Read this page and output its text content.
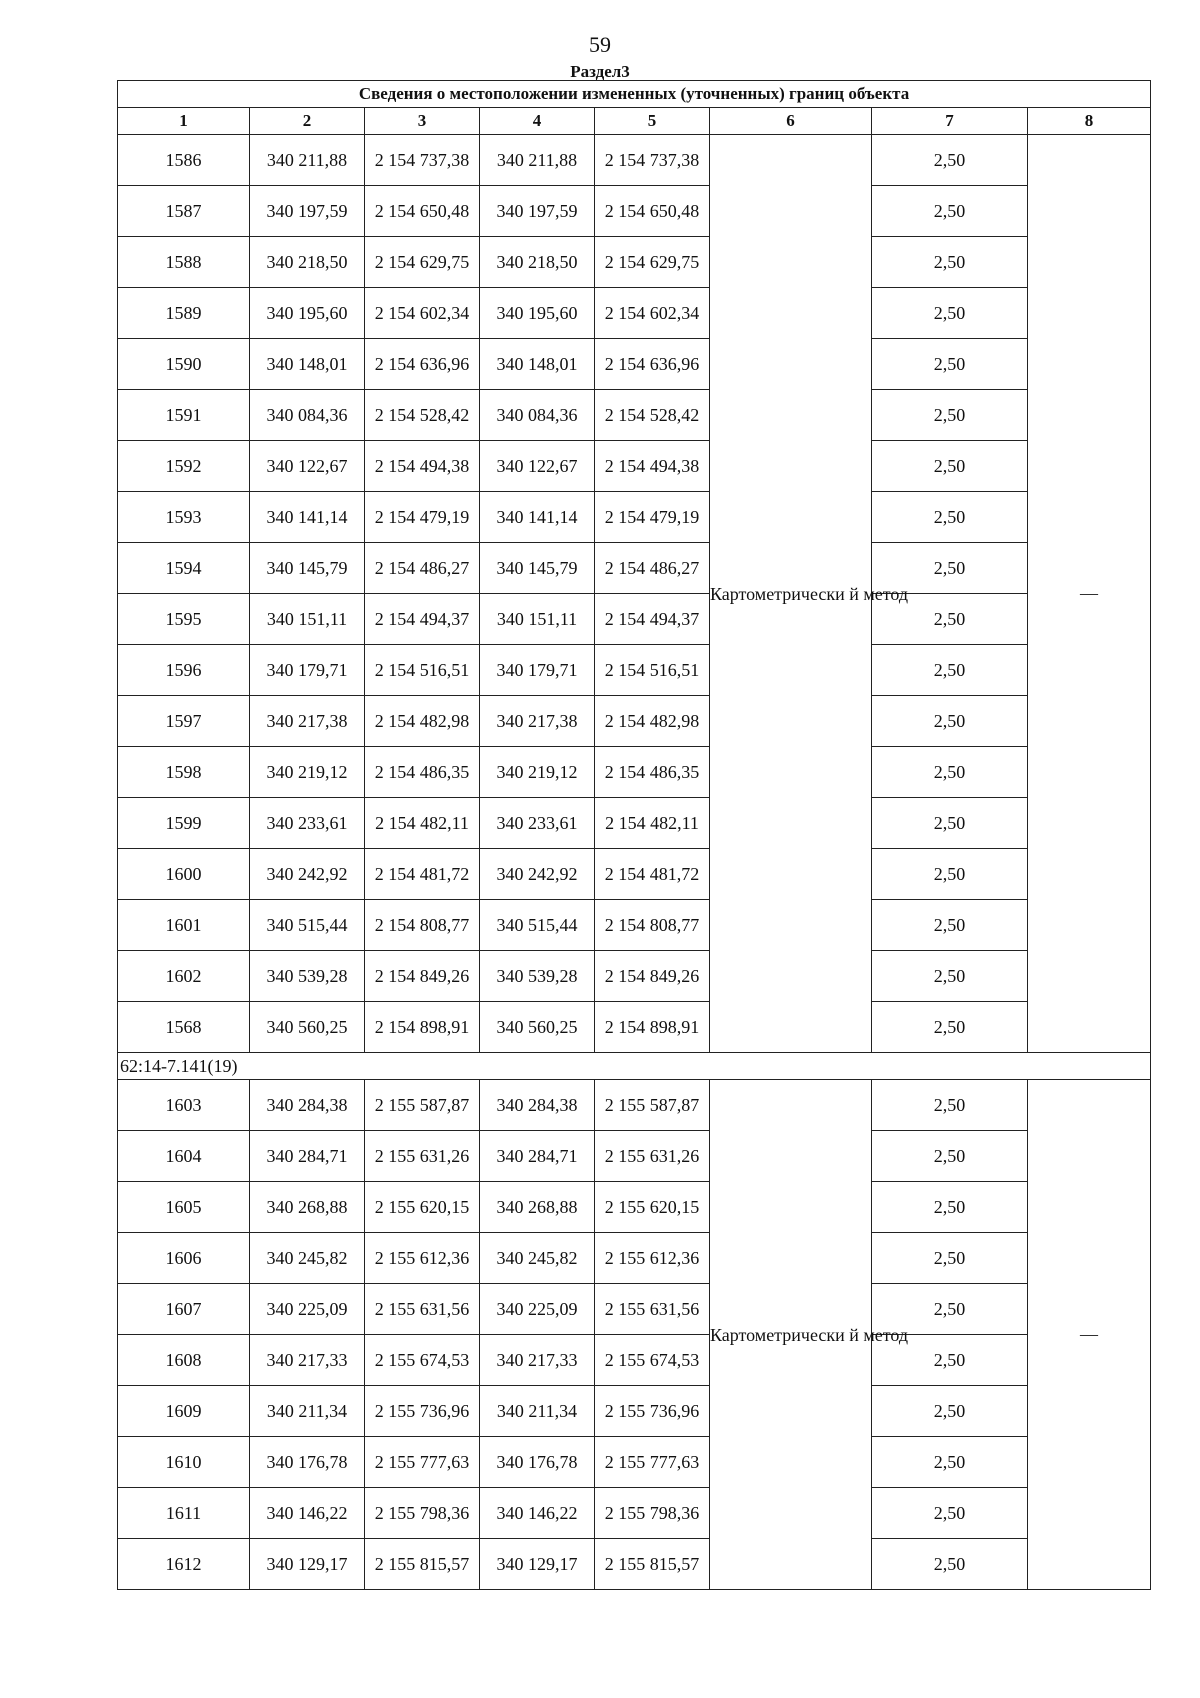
59
Раздел3
Сведения о местоположении измененных (уточненных) границ объекта							
1	2	3	4	5	6	7	8
1586	340 211,88	2 154 737,38	340 211,88	2 154 737,38	Картометрически й метод	2,50	—
1587	340 197,59	2 154 650,48	340 197,59	2 154 650,48		2,50	
1588	340 218,50	2 154 629,75	340 218,50	2 154 629,75		2,50	
1589	340 195,60	2 154 602,34	340 195,60	2 154 602,34		2,50	
1590	340 148,01	2 154 636,96	340 148,01	2 154 636,96		2,50	
1591	340 084,36	2 154 528,42	340 084,36	2 154 528,42		2,50	
1592	340 122,67	2 154 494,38	340 122,67	2 154 494,38		2,50	
1593	340 141,14	2 154 479,19	340 141,14	2 154 479,19		2,50	
1594	340 145,79	2 154 486,27	340 145,79	2 154 486,27		2,50	
1595	340 151,11	2 154 494,37	340 151,11	2 154 494,37		2,50	
1596	340 179,71	2 154 516,51	340 179,71	2 154 516,51		2,50	
1597	340 217,38	2 154 482,98	340 217,38	2 154 482,98		2,50	
1598	340 219,12	2 154 486,35	340 219,12	2 154 486,35		2,50	
1599	340 233,61	2 154 482,11	340 233,61	2 154 482,11		2,50	
1600	340 242,92	2 154 481,72	340 242,92	2 154 481,72		2,50	
1601	340 515,44	2 154 808,77	340 515,44	2 154 808,77		2,50	
1602	340 539,28	2 154 849,26	340 539,28	2 154 849,26		2,50	
1568	340 560,25	2 154 898,91	340 560,25	2 154 898,91		2,50	
62:14-7.141(19)							
1603	340 284,38	2 155 587,87	340 284,38	2 155 587,87	Картометрически й метод	2,50	—
1604	340 284,71	2 155 631,26	340 284,71	2 155 631,26		2,50	
1605	340 268,88	2 155 620,15	340 268,88	2 155 620,15		2,50	
1606	340 245,82	2 155 612,36	340 245,82	2 155 612,36		2,50	
1607	340 225,09	2 155 631,56	340 225,09	2 155 631,56		2,50	
1608	340 217,33	2 155 674,53	340 217,33	2 155 674,53		2,50	
1609	340 211,34	2 155 736,96	340 211,34	2 155 736,96		2,50	
1610	340 176,78	2 155 777,63	340 176,78	2 155 777,63		2,50	
1611	340 146,22	2 155 798,36	340 146,22	2 155 798,36		2,50	
1612	340 129,17	2 155 815,57	340 129,17	2 155 815,57		2,50	
